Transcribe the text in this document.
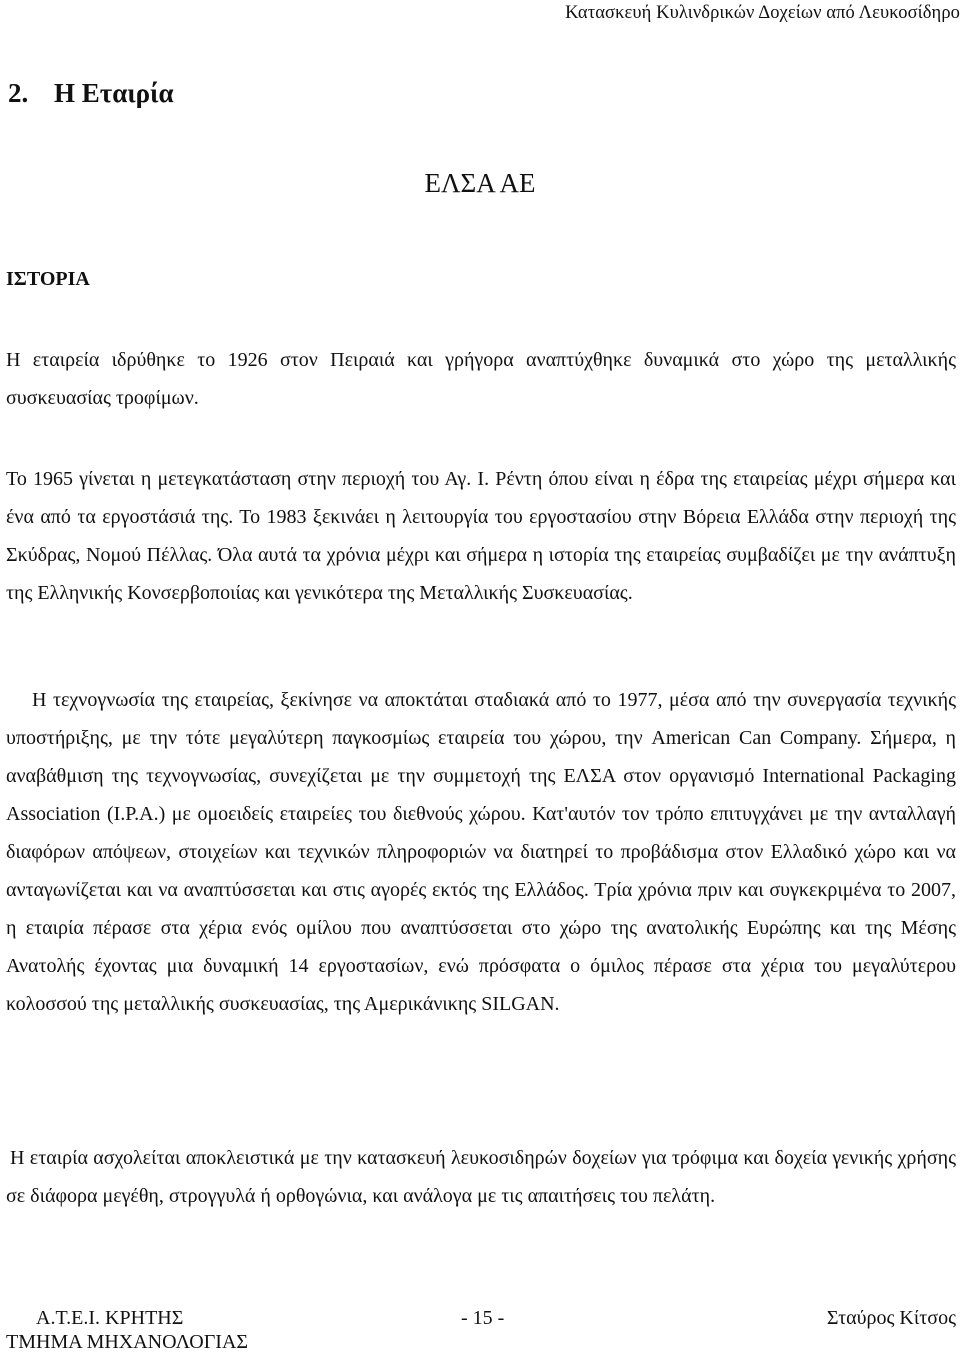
Κατασκευή Κυλινδρικών Δοχείων από Λευκοσίδηρο
2. Η Εταιρία
ΕΛΣΑ ΑΕ
ΙΣΤΟΡΙΑ
Η εταιρεία ιδρύθηκε το 1926 στον Πειραιά και γρήγορα αναπτύχθηκε δυναμικά στο χώρο της μεταλλικής συσκευασίας τροφίμων.
Το 1965 γίνεται η μετεγκατάσταση στην περιοχή του Αγ. Ι. Ρέντη όπου είναι η έδρα της εταιρείας μέχρι σήμερα και ένα από τα εργοστάσιά της. Το 1983 ξεκινάει η λειτουργία του εργοστασίου στην Βόρεια Ελλάδα στην περιοχή της Σκύδρας, Νομού Πέλλας. Όλα αυτά τα χρόνια μέχρι και σήμερα η ιστορία της εταιρείας συμβαδίζει με την ανάπτυξη της Ελληνικής Κονσερβοποιίας και γενικότερα της Μεταλλικής Συσκευασίας.
Η τεχνογνωσία της εταιρείας, ξεκίνησε να αποκτάται σταδιακά από το 1977, μέσα από την συνεργασία τεχνικής υποστήριξης, με την τότε μεγαλύτερη παγκοσμίως εταιρεία του χώρου, την American Can Company. Σήμερα, η αναβάθμιση της τεχνογνωσίας, συνεχίζεται με την συμμετοχή της ΕΛΣΑ στον οργανισμό International Packaging Association (I.P.A.) με ομοειδείς εταιρείες του διεθνούς χώρου. Κατ'αυτόν τον τρόπο επιτυγχάνει με την ανταλλαγή διαφόρων απόψεων, στοιχείων και τεχνικών πληροφοριών να διατηρεί το προβάδισμα στον Ελλαδικό χώρο και να ανταγωνίζεται και να αναπτύσσεται και στις αγορές εκτός της Ελλάδος. Τρία χρόνια πριν και συγκεκριμένα το 2007, η εταιρία πέρασε στα χέρια ενός ομίλου που αναπτύσσεται στο χώρο της ανατολικής Ευρώπης και της Μέσης Ανατολής έχοντας μια δυναμική 14 εργοστασίων, ενώ πρόσφατα ο όμιλος πέρασε στα χέρια του μεγαλύτερου κολοσσού της μεταλλικής συσκευασίας, της Αμερικάνικης SILGAN.
Η εταιρία ασχολείται αποκλειστικά με την κατασκευή λευκοσιδηρών δοχείων για τρόφιμα και δοχεία γενικής χρήσης σε διάφορα μεγέθη, στρογγυλά ή ορθογώνια, και ανάλογα με τις απαιτήσεις του πελάτη.
Α.Τ.Ε.Ι. ΚΡΗΤΗΣ	- 15 -	Σταύρος Κίτσος
ΤΜΗΜΑ ΜΗΧΑΝΟΛΟΓΙΑΣ
